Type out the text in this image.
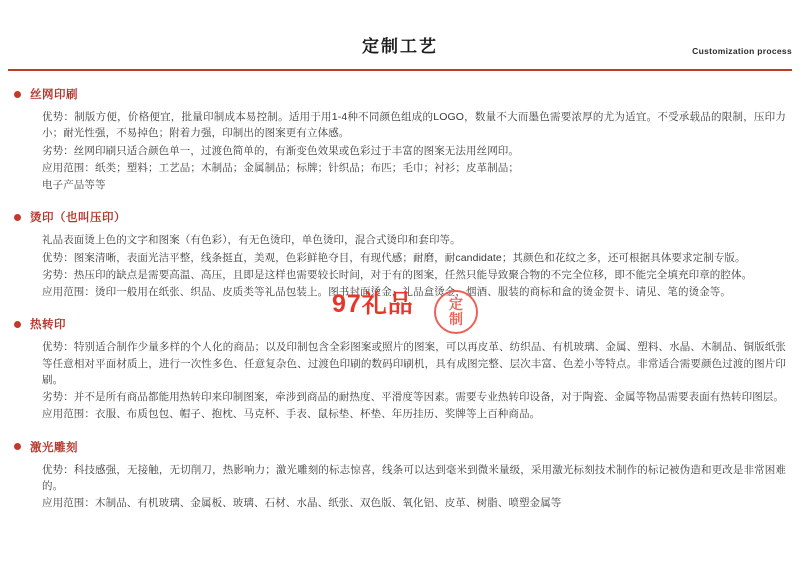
定制工艺	Customization process
丝网印刷

优势：制版方便，价格便宜，批量印制成本易控制。适用于用1-4种不同颜色组成的LOGO，数量不大而墨色需要浓厚的尤为适宜。不受承载品的限制，压印力小；耐光性强，不易掉色；附着力强，印制出的图案更有立体感。

劣势：丝网印刷只适合颜色单一，过渡色简单的，有渐变色效果或色彩过于丰富的图案无法用丝网印。

应用范围：纸类；塑料；工艺品；木制品；金属制品；标牌；针织品；布匹；毛巾；衬衫；皮革制品；

电子产品等等

烫印（也叫压印）

礼品表面烫上色的文字和图案（有色彩），有无色烫印，单色烫印，混合式烫印和套印等。

优势：图案清晰，表面光洁平整，线条挺直，美观，色彩鲜艳夺目，有现代感；耐磨，耐candidate；其颜色和花纹之多，还可根据具体要求定制专版。

劣势：热压印的缺点是需要高温、高压，且即是这样也需要较长时间，对于有的图案，任然只能导致聚合物的不完全位移，即不能完全填充印章的腔体。

应用范围：烫印一般用在纸张、织品、皮质类等礼品包装上。图书封面烫金，礼品盒烫金，烟酒、服装的商标和盒的烫金贺卡、请见、笔的烫金等。

热转印

优势：特别适合制作少量多样的个人化的商品；以及印制包含全彩图案或照片的图案，可以再皮革、纺织品、有机玻璃、金属、塑料、水晶、木制品、铜版纸张等任意相对平面材质上，进行一次性多色、任意复杂色、过渡色印刷的数码印刷机，具有成图完整、层次丰富、色差小等特点。非常适合需要颜色过渡的图片印刷。

劣势：并不是所有商品都能用热转印来印制图案，牵涉到商品的耐热度、平滑度等因素。需要专业热转印设备，对于陶瓷、金属等物品需要表面有热转印图层。

应用范围：衣服、布质包包、帽子、抱枕、马克杯、手表、鼠标垫、杯垫、年历挂历、奖牌等上百种商品。

激光雕刻

优势：科技感强，无接触，无切削刀，热影响力；激光雕刻的标志惊喜，线条可以达到毫米到微米量级，采用激光标刻技术制作的标记被伪造和更改是非常困难的。

应用范围：木制品、有机玻璃、金属板、玻璃、石材、水晶、纸张、双色版、氧化铝、皮革、树脂、喷塑金属等

97礼品	定
制
